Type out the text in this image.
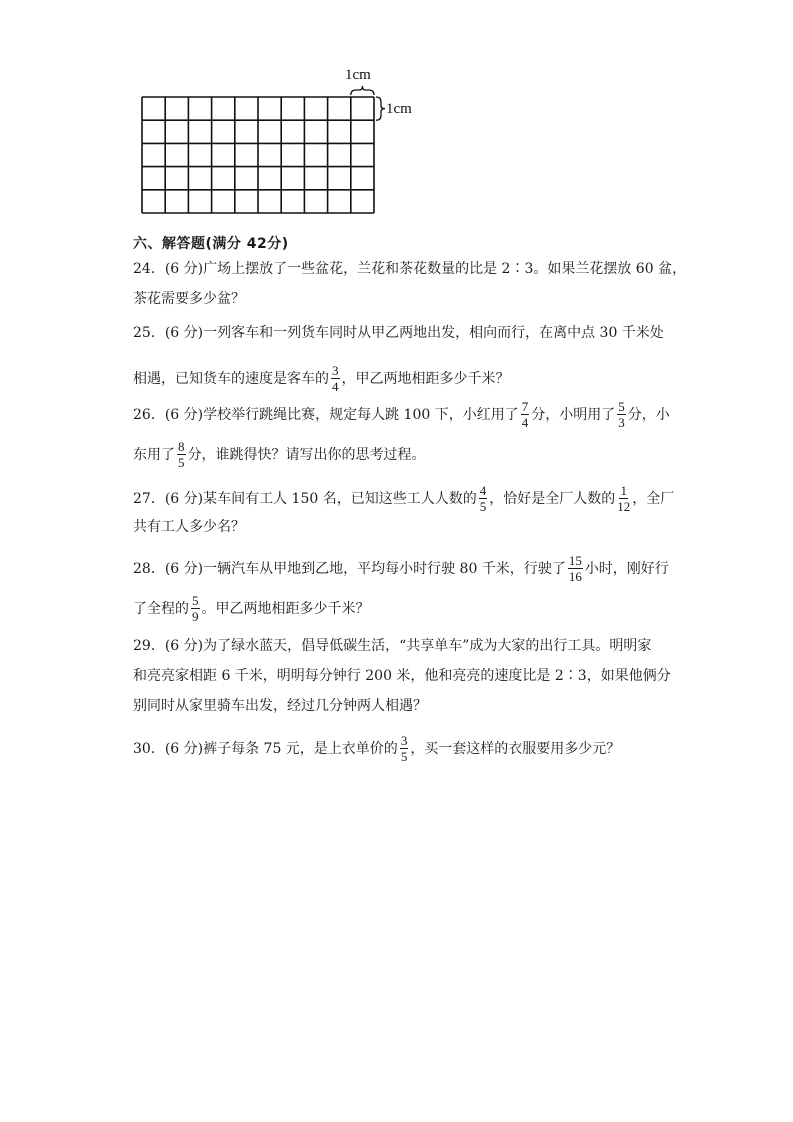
1cm
1cm
六、解答题(满分 42分)
24．(6 分)广场上摆放了一些盆花，兰花和茶花数量的比是 2∶3。如果兰花摆放 60 盆，
茶花需要多少盆？
25．(6 分)一列客车和一列货车同时从甲乙两地出发，相向而行，在离中点 30 千米处
相遇，已知货车的速度是客车的 $\frac{3}{4}$ ，甲乙两地相距多少千米？
26．(6 分)学校举行跳绳比赛，规定每人跳 100 下，小红用了 $\frac{7}{4}$ 分，小明用了 $\frac{5}{3}$ 分，小
东用了 $\frac{8}{5}$ 分，谁跳得快？请写出你的思考过程。
27．(6 分)某车间有工人 150 名，已知这些工人人数的 $\frac{4}{5}$ ，恰好是全厂人数的 $\frac{1}{12}$ ，全厂
共有工人多少名？
28．(6 分)一辆汽车从甲地到乙地，平均每小时行驶 80 千米，行驶了 $\frac{15}{16}$ 小时，刚好行
了全程的 $\frac{5}{9}$ 。甲乙两地相距多少千米？
29．(6 分)为了绿水蓝天，倡导低碳生活，“共享单车”成为大家的出行工具。明明家
和亮亮家相距 6 千米，明明每分钟行 200 米，他和亮亮的速度比是 2∶3，如果他俩分
别同时从家里骑车出发，经过几分钟两人相遇？
30．(6 分)裤子每条 75 元，是上衣单价的 $\frac{3}{5}$ ，买一套这样的衣服要用多少元？
